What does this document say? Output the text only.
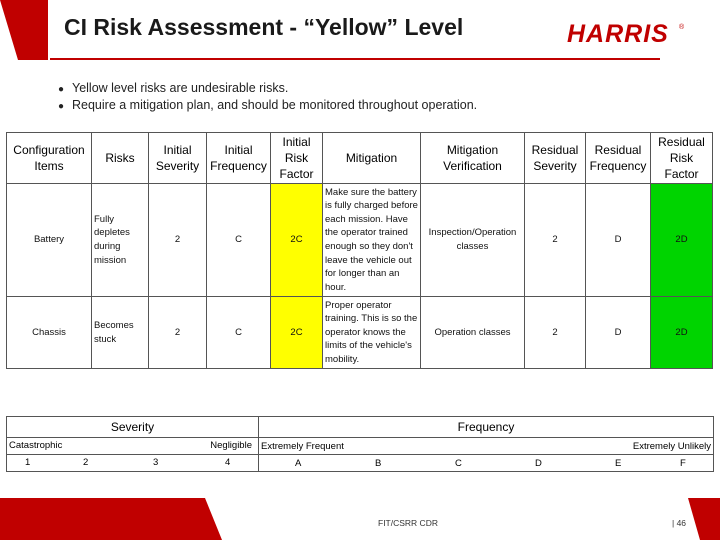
CI Risk Assessment - “Yellow” Level	HARRIS ®
● Yellow level risks are undesirable risks.
● Require a mitigation plan, and should be monitored throughout operation.
Configuration Items	Risks	Initial Severity	Initial Frequency	Initial Risk Factor	Mitigation	Mitigation Verification	Residual Severity	Residual Frequency	Residual Risk Factor
Battery	Fully depletes during mission	2	C	2C	Make sure the battery is fully charged before each mission. Have the operator trained enough so they don't leave the vehicle out for longer than an hour.	Inspection/Operation classes	2	D	2D
Chassis	Becomes stuck	2	C	2C	Proper operator training. This is so the operator knows the limits of the vehicle's mobility.	Operation classes	2	D	2D
Severity
Catastrophic	Negligible
1	2	3	4
Frequency
Extremely Frequent	Extremely Unlikely
A	B	C	D	E	F
FIT/CSRR CDR	| 46
